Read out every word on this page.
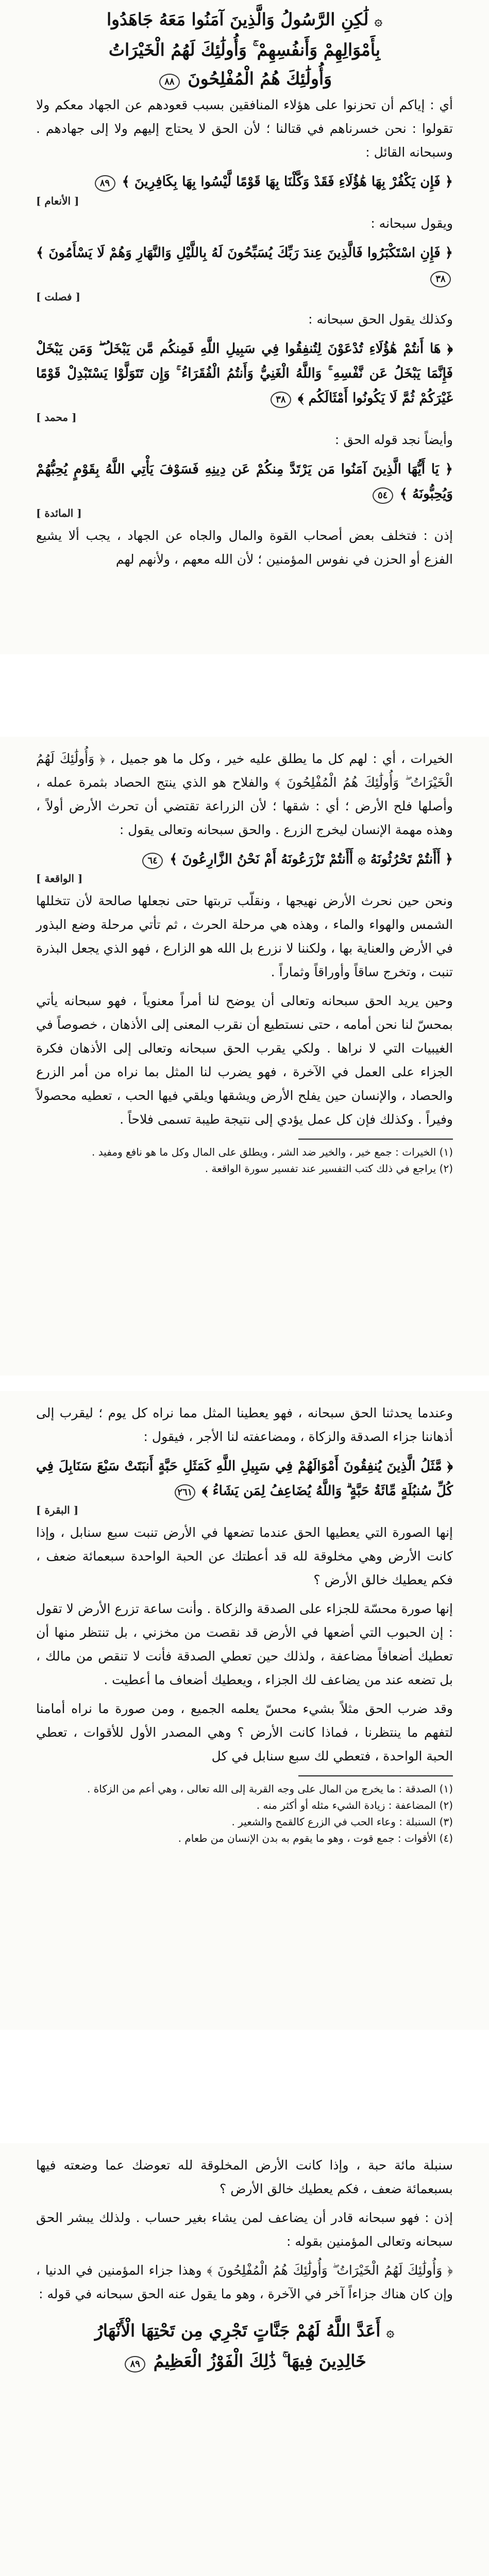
۞ لَٰكِنِ الرَّسُولُ وَالَّذِينَ آمَنُوا مَعَهُ جَاهَدُوا
بِأَمْوَالِهِمْ وَأَنفُسِهِمْ ۚ وَأُولَٰئِكَ لَهُمُ الْخَيْرَاتُ
وَأُولَٰئِكَ هُمُ الْمُفْلِحُونَ ٨٨

أي : إياكم أن تحزنوا على هؤلاء المنافقين بسبب قعودهم عن الجهاد معكم ولا تقولوا : نحن خسرناهم في قتالنا ؛ لأن الحق لا يحتاج إليهم ولا إلى جهادهم . وسبحانه القائل :

﴿ فَإِن يَكْفُرْ بِهَا هَٰؤُلَاءِ فَقَدْ وَكَّلْنَا بِهَا قَوْمًا لَّيْسُوا بِهَا بِكَافِرِينَ ﴾ ٨٩
[ الأنعام ]

ويقول سبحانه :

﴿ فَإِنِ اسْتَكْبَرُوا فَالَّذِينَ عِندَ رَبِّكَ يُسَبِّحُونَ لَهُ بِاللَّيْلِ وَالنَّهَارِ وَهُمْ لَا يَسْأَمُونَ ﴾ ٣٨
[ فصلت ]

وكذلك يقول الحق سبحانه :

﴿ هَا أَنتُمْ هَٰؤُلَاءِ تُدْعَوْنَ لِتُنفِقُوا فِي سَبِيلِ اللَّهِ فَمِنكُم مَّن يَبْخَلُ ۖ وَمَن يَبْخَلْ فَإِنَّمَا يَبْخَلُ عَن نَّفْسِهِ ۚ وَاللَّهُ الْغَنِيُّ وَأَنتُمُ الْفُقَرَاءُ ۚ وَإِن تَتَوَلَّوْا يَسْتَبْدِلْ قَوْمًا غَيْرَكُمْ ثُمَّ لَا يَكُونُوا أَمْثَالَكُم ﴾ ٣٨
[ محمد ]

وأيضاً نجد قوله الحق :

﴿ يَا أَيُّهَا الَّذِينَ آمَنُوا مَن يَرْتَدَّ مِنكُمْ عَن دِينِهِ فَسَوْفَ يَأْتِي اللَّهُ بِقَوْمٍ يُحِبُّهُمْ وَيُحِبُّونَهُ ﴾ ٥٤
[ المائدة ]

إذن : فتخلف بعض أصحاب القوة والمال والجاه عن الجهاد ، يجب ألا يشيع الفزع أو الحزن في نفوس المؤمنين ؛ لأن الله معهم ، ولأنهم لهم

الخيرات ، أي : لهم كل ما يطلق عليه خير ، وكل ما هو جميل ، ﴿ وَأُولَٰئِكَ لَهُمُ الْخَيْرَاتُ ۖ وَأُولَٰئِكَ هُمُ الْمُفْلِحُونَ ﴾ والفلاح هو الذي ينتج الحصاد بثمرة عمله ، وأصلها فلح الأرض ؛ أي : شقها ؛ لأن الزراعة تقتضي أن تحرث الأرض أولاً ، وهذه مهمة الإنسان ليخرج الزرع . والحق سبحانه وتعالى يقول :

﴿ أَأَنتُمْ تَحْرُثُونَهُ ۞ أَأَنتُمْ تَزْرَعُونَهُ أَمْ نَحْنُ الزَّارِعُونَ ﴾ ٦٤
[ الواقعة ]

ونحن حين نحرث الأرض نهيجها ، ونقلّب تربتها حتى نجعلها صالحة لأن تتخللها الشمس والهواء والماء ، وهذه هي مرحلة الحرث ، ثم تأتي مرحلة وضع البذور في الأرض والعناية بها ، ولكننا لا نزرع بل الله هو الزارع ، فهو الذي يجعل البذرة تنبت ، وتخرج ساقاً وأوراقاً وثماراً .

وحين يريد الحق سبحانه وتعالى أن يوضح لنا أمراً معنوياً ، فهو سبحانه يأتي بمحسّ لنا نحن أمامه ، حتى نستطيع أن نقرب المعنى إلى الأذهان ، خصوصاً في الغيبيات التي لا نراها . ولكي يقرب الحق سبحانه وتعالى إلى الأذهان فكرة الجزاء على العمل في الآخرة ، فهو يضرب لنا المثل بما نراه من أمر الزرع والحصاد ، والإنسان حين يفلح الأرض ويشقها ويلقي فيها الحب ، تعطيه محصولاً وفيراً . وكذلك فإن كل عمل يؤدي إلى نتيجة طيبة تسمى فلاحاً .

(١) الخيرات : جمع خير ، والخير ضد الشر ، ويطلق على المال وكل ما هو نافع ومفيد .

(٢) يراجع في ذلك كتب التفسير عند تفسير سورة الواقعة .

وعندما يحدثنا الحق سبحانه ، فهو يعطينا المثل مما نراه كل يوم ؛ ليقرب إلى أذهاننا جزاء الصدقة والزكاة ، ومضاعفته لنا الأجر ، فيقول :

﴿ مَّثَلُ الَّذِينَ يُنفِقُونَ أَمْوَالَهُمْ فِي سَبِيلِ اللَّهِ كَمَثَلِ حَبَّةٍ أَنبَتَتْ سَبْعَ سَنَابِلَ فِي كُلِّ سُنبُلَةٍ مِّائَةُ حَبَّةٍ ۗ وَاللَّهُ يُضَاعِفُ لِمَن يَشَاءُ ﴾ ٢٦١
[ البقرة ]

إنها الصورة التي يعطيها الحق عندما تضعها في الأرض تنبت سبع سنابل ، وإذا كانت الأرض وهي مخلوقة لله قد أعطتك عن الحبة الواحدة سبعمائة ضعف ، فكم يعطيك خالق الأرض ؟

إنها صورة محسّة للجزاء على الصدقة والزكاة . وأنت ساعة تزرع الأرض لا تقول : إن الحبوب التي أضعها في الأرض قد نقصت من مخزني ، بل تنتظر منها أن تعطيك أضعافاً مضاعفة ، ولذلك حين تعطي الصدقة فأنت لا تنقص من مالك ، بل تضعه عند من يضاعف لك الجزاء ، ويعطيك أضعاف ما أعطيت .

وقد ضرب الحق مثلاً بشيء محسّ يعلمه الجميع ، ومن صورة ما نراه أمامنا لتفهم ما ينتظرنا ، فماذا كانت الأرض ؟ وهي المصدر الأول للأقوات ، تعطي الحبة الواحدة ، فتعطي لك سبع سنابل في كل

(١) الصدقة : ما يخرج من المال على وجه القربة إلى الله تعالى ، وهي أعم من الزكاة .

(٢) المضاعفة : زيادة الشيء مثله أو أكثر منه .

(٣) السنبلة : وعاء الحب في الزرع كالقمح والشعير .

(٤) الأقوات : جمع قوت ، وهو ما يقوم به بدن الإنسان من طعام .

سنبلة مائة حبة ، وإذا كانت الأرض المخلوقة لله تعوضك عما وضعته فيها بسبعمائة ضعف ، فكم يعطيك خالق الأرض ؟

إذن : فهو سبحانه قادر أن يضاعف لمن يشاء بغير حساب . ولذلك يبشر الحق سبحانه وتعالى المؤمنين بقوله :

﴿ وَأُولَٰئِكَ لَهُمُ الْخَيْرَاتُ ۖ وَأُولَٰئِكَ هُمُ الْمُفْلِحُونَ ﴾ وهذا جزاء المؤمنين في الدنيا ، وإن كان هناك جزاءاً آخر في الآخرة ، وهو ما يقول عنه الحق سبحانه في قوله :

۞ أَعَدَّ اللَّهُ لَهُمْ جَنَّاتٍ تَجْرِي مِن تَحْتِهَا الْأَنْهَارُ
خَالِدِينَ فِيهَا ۚ ذَٰلِكَ الْفَوْزُ الْعَظِيمُ ٨٩
